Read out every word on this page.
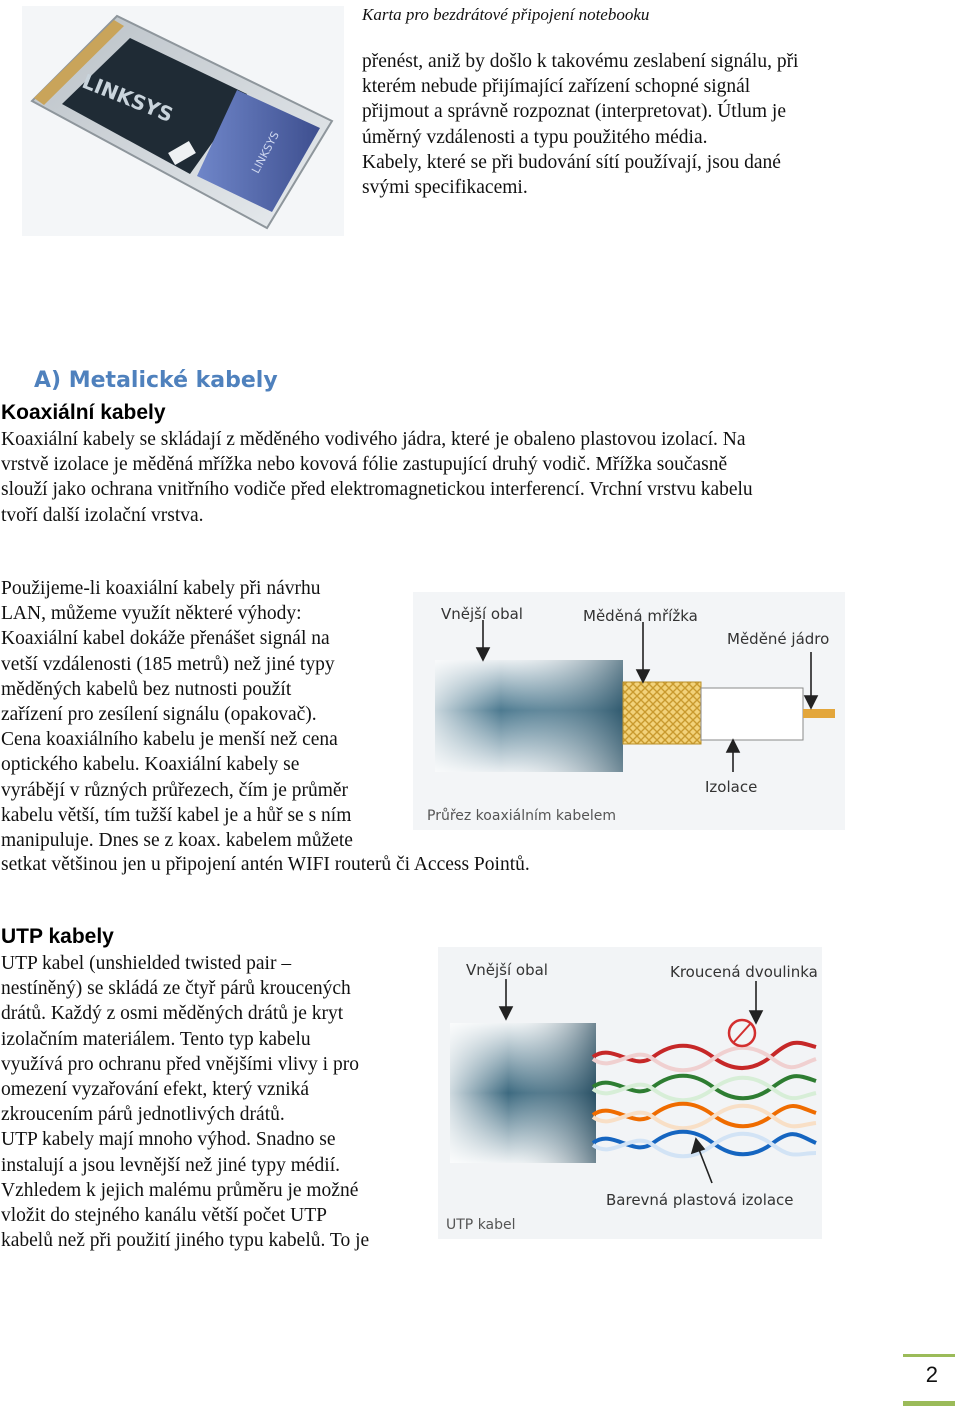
LINKSYS
LINKSYS
Karta pro bezdrátové připojení notebooku
přenést, aniž by došlo k takovému zeslabení signálu, při
kterém nebude přijímající zařízení schopné signál
přijmout a správně rozpoznat (interpretovat). Útlum je
úměrný vzdálenosti a typu použitého média.
Kabely, které se při budování sítí používají, jsou dané
svými specifikacemi.
A) Metalické kabely
Koaxiální kabely
Koaxiální kabely se skládají z měděného vodivého jádra, které je obaleno plastovou izolací. Na
vrstvě izolace je měděná mřížka nebo kovová fólie zastupující druhý vodič. Mřížka současně
slouží jako ochrana vnitřního vodiče před elektromagnetickou interferencí. Vrchní vrstvu kabelu
tvoří další izolační vrstva.
Použijeme-li koaxiální kabely při návrhu
LAN, můžeme využít některé výhody:
Koaxiální kabel dokáže přenášet signál na
vetší vzdálenosti (185 metrů) než jiné typy
měděných kabelů bez nutnosti použít
zařízení pro zesílení signálu (opakovač).
Cena koaxiálního kabelu je menší než cena
optického kabelu. Koaxiální kabely se
vyrábějí v různých průřezech, čím je průměr
kabelu větší, tím tužší kabel je a hůř se s ním
manipuluje. Dnes se z koax. kabelem můžete
setkat většinou jen u připojení antén WIFI routerů či Access Pointů.
Vnější obal	Měděná mřížka
Měděné jádro
Izolace
Průřez koaxiálním kabelem
UTP kabely
UTP kabel (unshielded twisted pair –
nestíněný) se skládá ze čtyř párů kroucených
drátů. Každý z osmi měděných drátů je kryt
izolačním materiálem. Tento typ kabelu
využívá pro ochranu před vnějšími vlivy i pro
omezení vyzařování efekt, který vzniká
zkroucením párů jednotlivých drátů.
UTP kabely mají mnoho výhod. Snadno se
instalují a jsou levnější než jiné typy médií.
Vzhledem k jejich malému průměru je možné
vložit do stejného kanálu větší počet UTP
kabelů než při použití jiného typu kabelů. To je
Vnější obal	Kroucená dvoulinka
Barevná plastová izolace
UTP kabel
2
